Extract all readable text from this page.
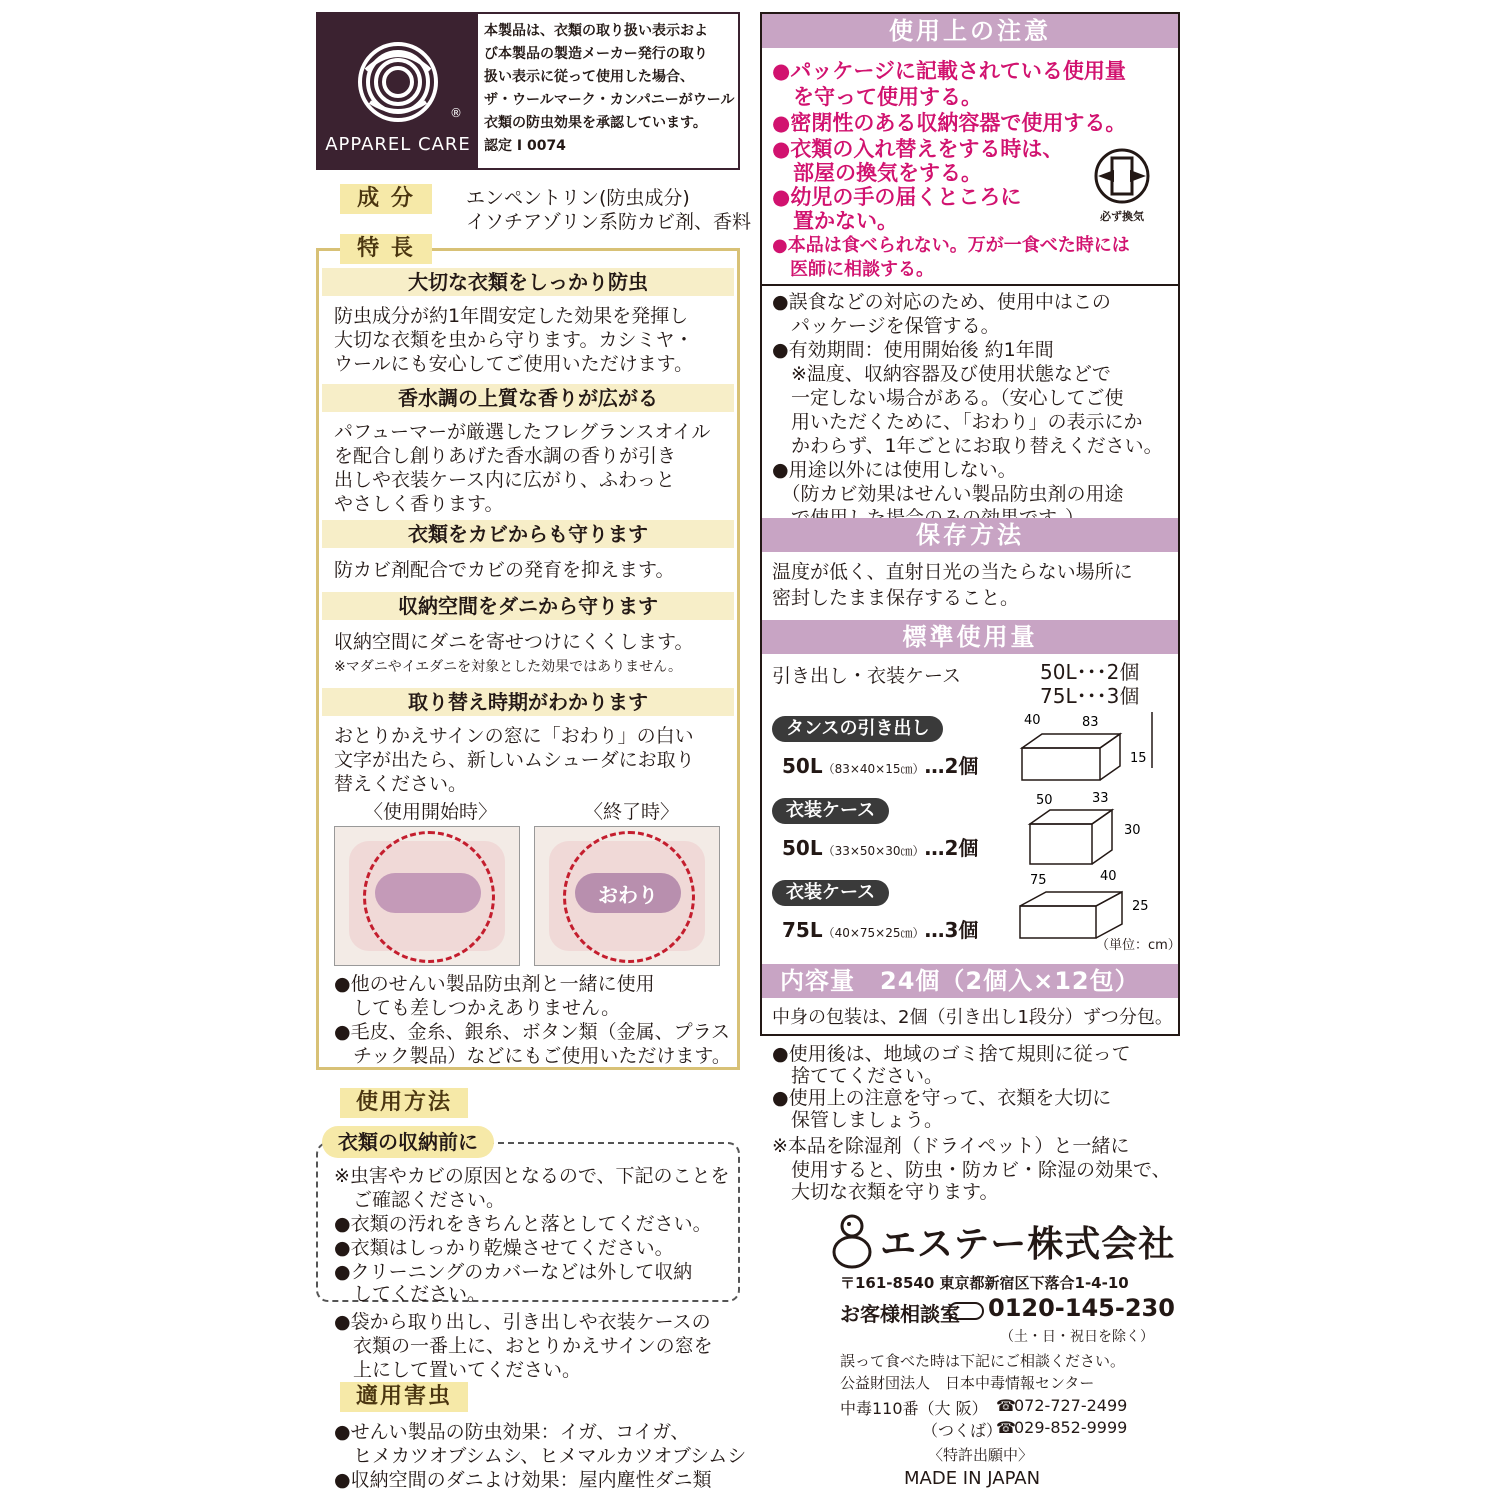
®
APPAREL CARE
本製品は、衣類の取り扱い表示およ
び本製品の製造メーカー発行の取り
扱い表示に従って使用した場合、
ザ・ウールマーク・カンパニーがウール
衣類の防虫効果を承認しています。
認定 I 0074
成 分	エンペントリン(防虫成分)
イソチアゾリン系防カビ剤、香料
特 長
大切な衣類をしっかり防虫
防虫成分が約1年間安定した効果を発揮し
大切な衣類を虫から守ります。カシミヤ・
ウールにも安心してご使用いただけます。
香水調の上質な香りが広がる
パフューマーが厳選したフレグランスオイル
を配合し創りあげた香水調の香りが引き
出しや衣装ケース内に広がり、ふわっと
やさしく香ります。
衣類をカビからも守ります
防カビ剤配合でカビの発育を抑えます。
収納空間をダニから守ります
収納空間にダニを寄せつけにくくします。
※マダニやイエダニを対象とした効果ではありません。
取り替え時期がわかります
おとりかえサインの窓に「おわり」の白い
文字が出たら、新しいムシューダにお取り
替えください。
〈使用開始時〉	〈終了時〉
おわり
●他のせんい製品防虫剤と一緒に使用
　しても差しつかえありません。
●毛皮、金糸、銀糸、ボタン類（金属、プラス
　チック製品）などにもご使用いただけます。
使用方法
衣類の収納前に
※虫害やカビの原因となるので、下記のことを
　ご確認ください。
●衣類の汚れをきちんと落としてください。
●衣類はしっかり乾燥させてください。
●クリーニングのカバーなどは外して収納
　してください。
●袋から取り出し、引き出しや衣装ケースの
　衣類の一番上に、おとりかえサインの窓を
　上にして置いてください。
適用害虫
●せんい製品の防虫効果：イガ、コイガ、
　ヒメカツオブシムシ、ヒメマルカツオブシムシ
●収納空間のダニよけ効果：屋内塵性ダニ類
使用上の注意
●パッケージに記載されている使用量
　を守って使用する。
●密閉性のある収納容器で使用する。
●衣類の入れ替えをする時は、
　部屋の換気をする。
●幼児の手の届くところに
　置かない。	必ず換気
●本品は食べられない。万が一食べた時には
　医師に相談する。
●誤食などの対応のため、使用中はこの
　パッケージを保管する。
●有効期間：使用開始後 約1年間
　※温度、収納容器及び使用状態などで
　一定しない場合がある。（安心してご使
　用いただくために、「おわり」の表示にか
　かわらず、1年ごとにお取り替えください。
●用途以外には使用しない。
　（防カビ効果はせんい製品防虫剤の用途
保存方法
温度が低く、直射日光の当たらない場所に
密封したまま保存すること。
標準使用量
引き出し・衣装ケース	50L･･･2個
75L･･･3個
タンスの引き出し
50L（83×40×15㎝）…2個
40	83
15
衣装ケース
50L（33×50×30㎝）…2個
50	33
30
衣装ケース
75L（40×75×25㎝）…3個
75	40
25
（単位：cm）
内容量　24個（2個入×12包）
中身の包装は、2個（引き出し1段分）ずつ分包。
●使用後は、地域のゴミ捨て規則に従って
　捨ててください。
●使用上の注意を守って、衣類を大切に
　保管しましょう。
※本品を除湿剤（ドライペット）と一緒に
　使用すると、防虫・防カビ・除湿の効果で、
　大切な衣類を守ります。
エステー株式会社
〒161-8540 東京都新宿区下落合1-4-10
お客様相談室 0120-145-230
（土・日・祝日を除く）
誤って食べた時は下記にご相談ください。
公益財団法人　日本中毒情報センター
中毒110番（大 阪） ☎
072-727-2499
（つくば）
☎
029-852-9999
〈特許出願中〉
MADE IN JAPAN
